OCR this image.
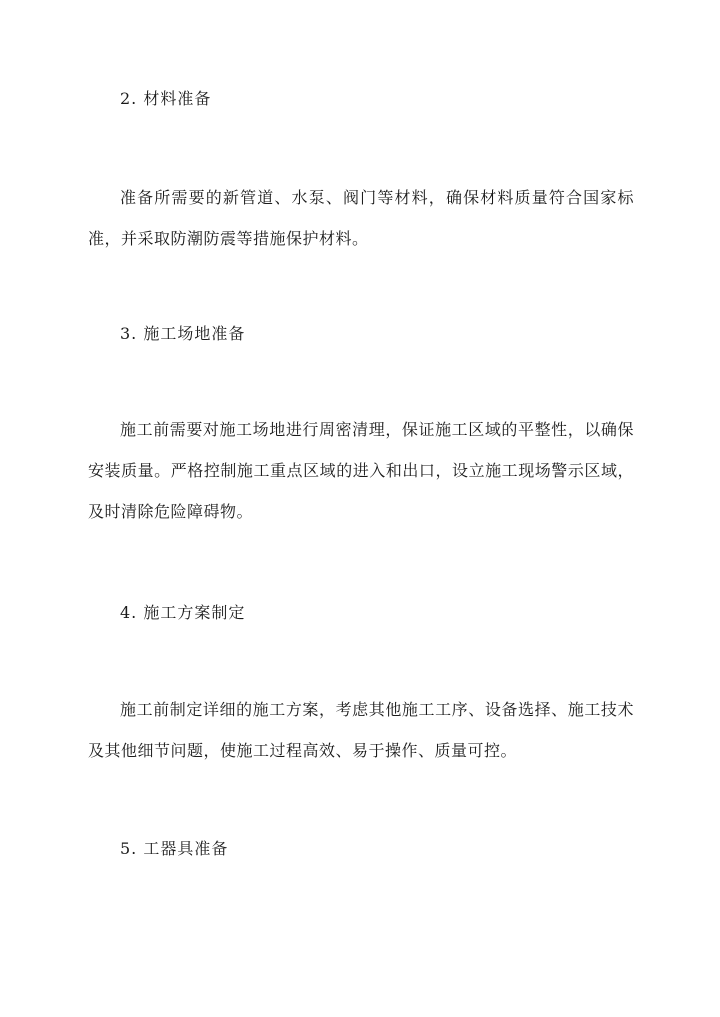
2. 材料准备
准备所需要的新管道、水泵、阀门等材料，确保材料质量符合国家标准，并采取防潮防震等措施保护材料。
3. 施工场地准备
施工前需要对施工场地进行周密清理，保证施工区域的平整性，以确保安装质量。严格控制施工重点区域的进入和出口，设立施工现场警示区域，及时清除危险障碍物。
4. 施工方案制定
施工前制定详细的施工方案，考虑其他施工工序、设备选择、施工技术及其他细节问题，使施工过程高效、易于操作、质量可控。
5. 工器具准备
